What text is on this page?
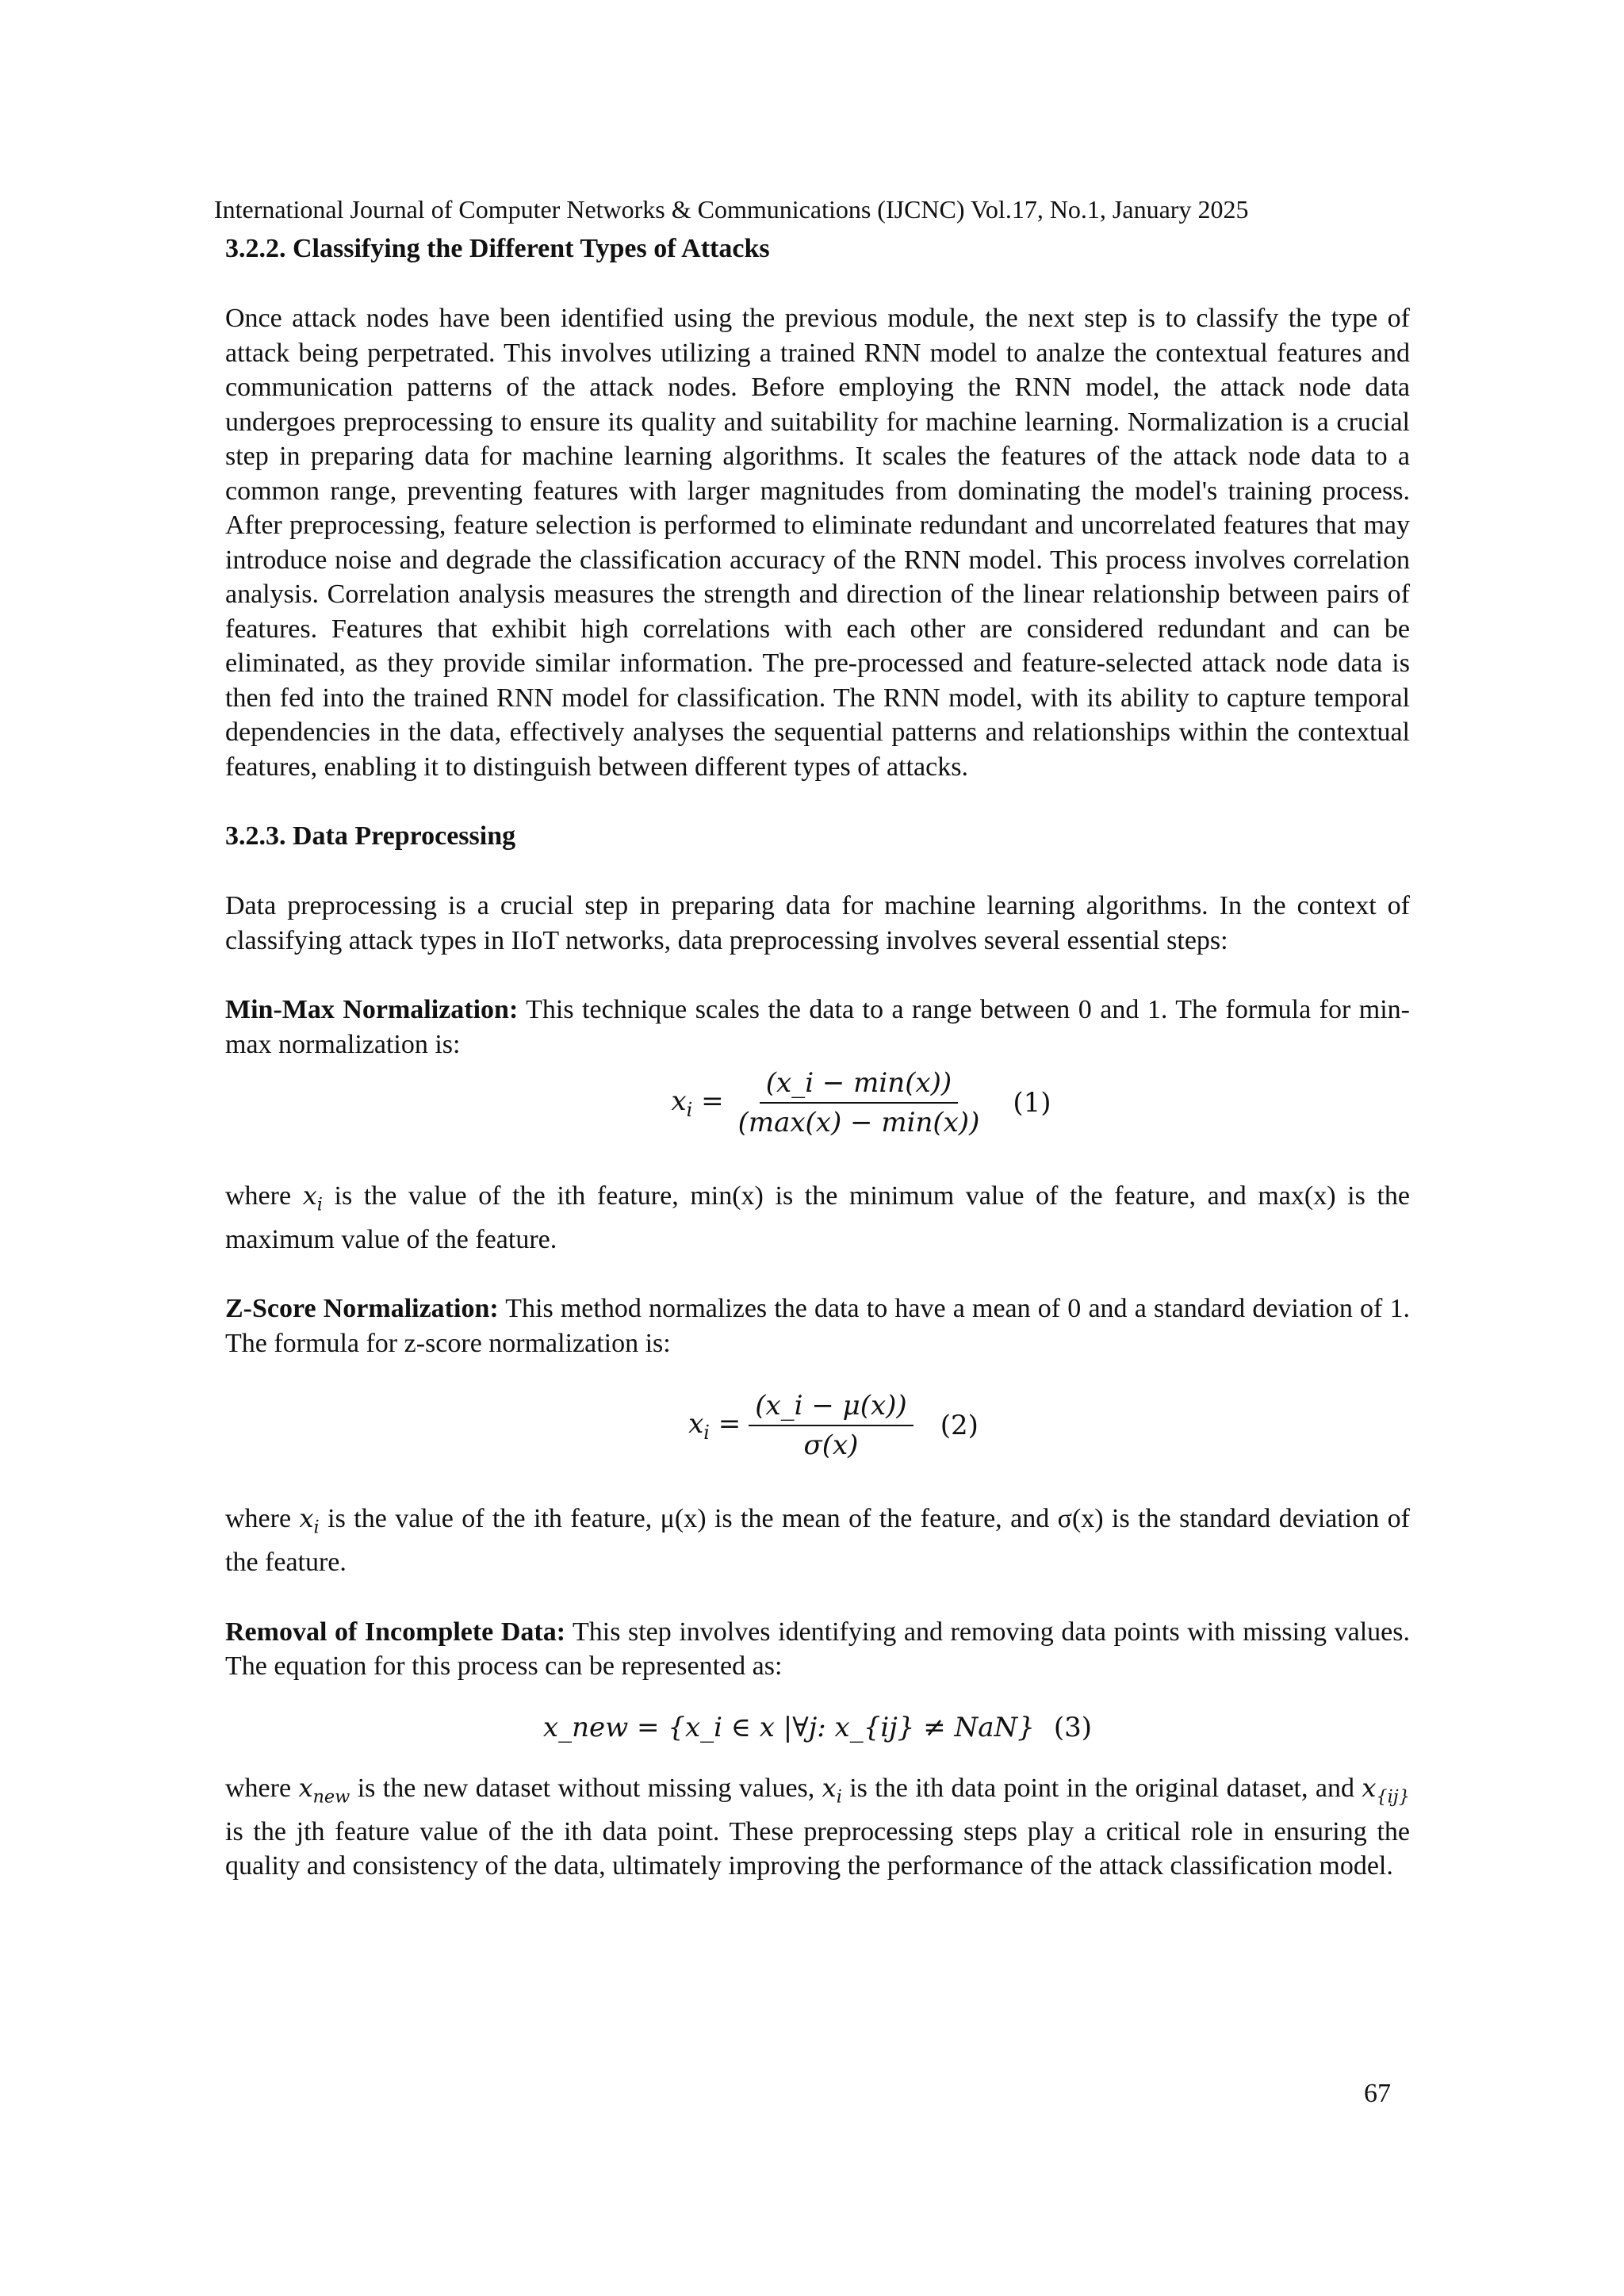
International Journal of Computer Networks & Communications (IJCNC) Vol.17, No.1, January 2025
3.2.2. Classifying the Different Types of Attacks

Once attack nodes have been identified using the previous module, the next step is to classify the type of attack being perpetrated. This involves utilizing a trained RNN model to analze the contextual features and communication patterns of the attack nodes. Before employing the RNN model, the attack node data undergoes preprocessing to ensure its quality and suitability for machine learning. Normalization is a crucial step in preparing data for machine learning algorithms. It scales the features of the attack node data to a common range, preventing features with larger magnitudes from dominating the model's training process. After preprocessing, feature selection is performed to eliminate redundant and uncorrelated features that may introduce noise and degrade the classification accuracy of the RNN model. This process involves correlation analysis. Correlation analysis measures the strength and direction of the linear relationship between pairs of features. Features that exhibit high correlations with each other are considered redundant and can be eliminated, as they provide similar information. The pre-processed and feature-selected attack node data is then fed into the trained RNN model for classification. The RNN model, with its ability to capture temporal dependencies in the data, effectively analyses the sequential patterns and relationships within the contextual features, enabling it to distinguish between different types of attacks.

3.2.3. Data Preprocessing

Data preprocessing is a crucial step in preparing data for machine learning algorithms. In the context of classifying attack types in IIoT networks, data preprocessing involves several essential steps:

Min-Max Normalization: This technique scales the data to a range between 0 and 1. The formula for min-max normalization is:

$x_i = \frac{(x\_i - \min(x))}{(\max(x) - \min(x))} (1)$

where $x_i$ is the value of the ith feature, min(x) is the minimum value of the feature, and max(x) is the maximum value of the feature.

Z-Score Normalization: This method normalizes the data to have a mean of 0 and a standard deviation of 1. The formula for z-score normalization is:

$x_i = \frac{(x\_i - \mu(x))}{\sigma(x)} (2)$

where $x_i$ is the value of the ith feature, μ(x) is the mean of the feature, and σ(x) is the standard deviation of the feature.

Removal of Incomplete Data: This step involves identifying and removing data points with missing values. The equation for this process can be represented as:

x_new = {x_i ∈ x |∀j: x_{ij} ≠ NaN} (3)

where $x_{new}$ is the new dataset without missing values, $x_i$ is the ith data point in the original dataset, and $x_{\{ij\}}$ is the jth feature value of the ith data point. These preprocessing steps play a critical role in ensuring the quality and consistency of the data, ultimately improving the performance of the attack classification model.

67
